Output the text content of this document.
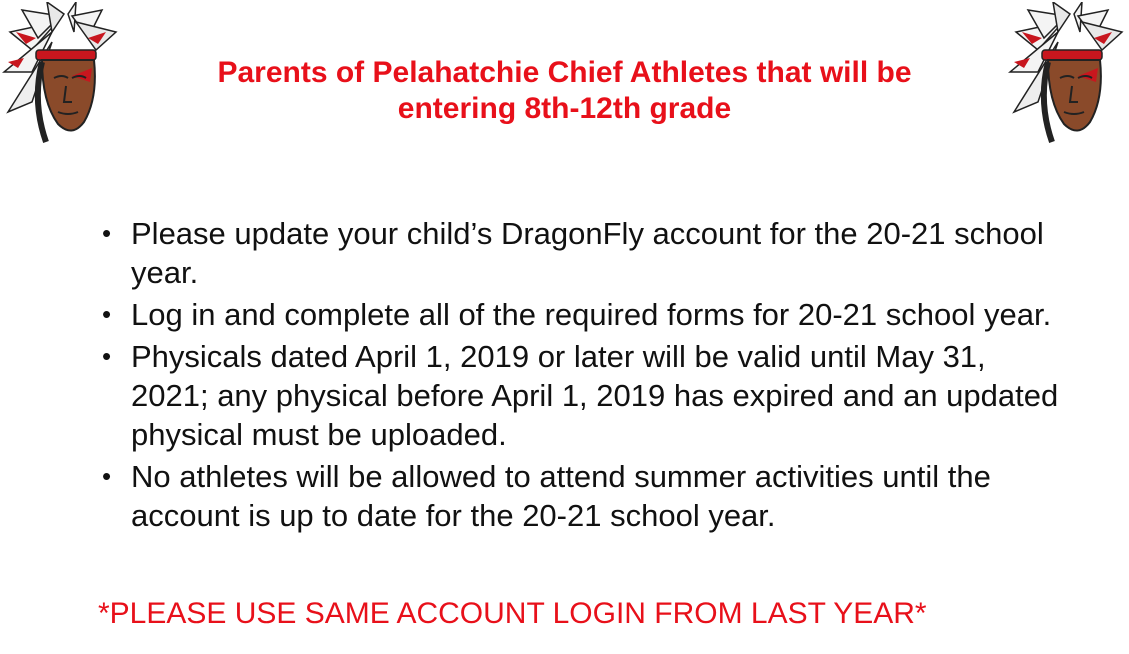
Parents of Pelahatchie Chief Athletes that will be
entering 8th-12th grade
• Please update your child’s DragonFly account for the 20-21 school year.
• Log in and complete all of the required forms for 20-21 school year.
• Physicals dated April 1, 2019 or later will be valid until May 31, 2021; any physical before April 1, 2019 has expired and an updated physical must be uploaded.
• No athletes will be allowed to attend summer activities until the account is up to date for the 20-21 school year.
*PLEASE USE SAME ACCOUNT LOGIN FROM LAST YEAR*
